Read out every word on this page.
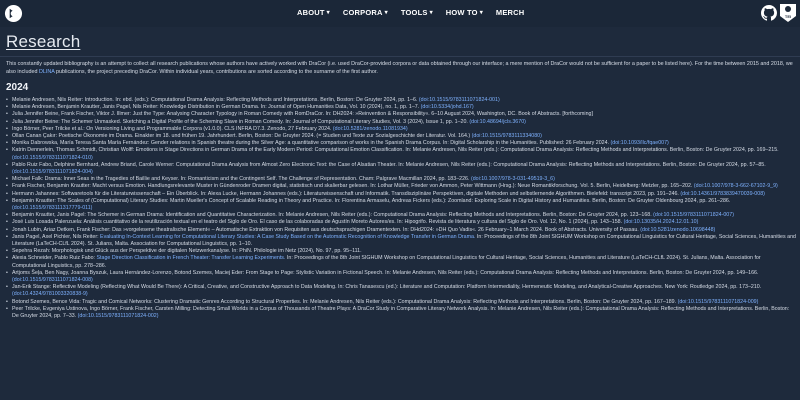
ABOUT ▾ CORPORA ▾ TOOLS ▾ HOW TO ▾ MERCH	TEI
Research

This constantly updated bibliography is an attempt to collect all research publications whose authors have actively worked with DraCor (i.e. used DraCor-provided corpora or data obtained through our interface; a mere mention of DraCor would not be sufficient for a paper to be listed here). For the time between 2015 and 2018, we also included DLINA publications, the project preceding DraCor. Within individual years, contributions are sorted according to the surname of the first author.

2024
• Melanie Andresen, Nils Reiter: Introduction. In: ebd. (eds.): Computational Drama Analysis: Reflecting Methods and Interpretations. Berlin, Boston: De Gruyter 2024, pp. 1–6. (doi:10.1515/9783111071824-001)
• Melanie Andresen, Benjamin Krautter, Janis Pagel, Nils Reiter: Knowledge Distribution in German Drama. In: Journal of Open Humanities Data, Vol. 10 (2024), no. 1, pp. 1–7. (doi:10.5334/johd.167)
• Julia Jennifer Beine, Frank Fischer, Viktor J. Illmer: Just the Type: Analysing Character Typology in Roman Comedy with RomDraCor. In: DH2024: »Reinvention & Responsibility«. 6–10 August 2024, Washington, DC. Book of Abstracts. [forthcoming]
• Julia Jennifer Beine: The Schemer Unmasked. Sketching a Digital Profile of the Scheming Slave in Roman Comedy. In: Journal of Computational Literary Studies, Vol. 3 (2024), Issue 1, pp. 1–20. (doi:10.48694/jcls.3670)
• Ingo Börner, Peer Trilcke et al.: On Versioning Living and Programmable Corpora (v1.0.0). CLS INFRA D7.3. Zenodo, 27 February 2024. (doi:10.5281/zenodo.11081934)
• Ollan Canan Çakır: Poetische Ökonomie im Drama. Einakter im 18. und frühen 19. Jahrhundert. Berlin, Boston: De Gruyter 2024. (= Studien und Texte zur Sozialgeschichte der Literatur. Vol. 164.) (doi:10.1515/9783111334080)
• Monika Dabrowska, María Teresa Santa María Fernández: Gender relations in Spanish theatre during the Silver Age: a quantitative comparison of works in the Spanish Drama Corpus. In: Digital Scholarship in the Humanities. Published: 26 February 2024. (doi:10.1093/llc/fqae007)
• Katrin Dennerlein, Thomas Schmidt, Christian Wolff: Emotions in Stage Directions in German Drama of the Early Modern Period: Computational Emotion Classification. In: Melanie Andresen, Nils Reiter (eds.): Computational Drama Analysis: Reflecting Methods and Interpretations. Berlin, Boston: De Gruyter 2024, pp. 169–215. (doi:10.1515/9783111071824-010)
• Pablo Ruiz Fabo, Delphine Bernhard, Andrew Briand, Carole Werner: Computational Drama Analysis from Almost Zero Electronic Text: the Case of Alsatian Theater. In: Melanie Andresen, Nils Reiter (eds.): Computational Drama Analysis: Reflecting Methods and Interpretations. Berlin, Boston: De Gruyter 2024, pp. 57–85. (doi:10.1515/9783111071824-004)
• Michael Falk: Drama: Inner Seas in the Tragedies of Baillie and Keyser. In: Romanticism and the Contingent Self. The Challenge of Representation. Cham: Palgrave Macmillan 2024, pp. 183–226. (doi:10.1007/978-3-031-49519-3_6)
• Frank Fischer, Benjamin Krautter: Macht versus Emotion. Handlungsrelevante Muster in Gündenroder Dramen digital, statistisch und skalierbar gelesen. In: Lothar Müller, Frieder von Ammon, Peter Wittmann (Hrsg.): Neue Romantikforschung. Vol. 5. Berlin, Heidelberg: Metzler, pp. 165–202. (doi:10.1007/978-3-662-67102-9_9)
• Hermann Jahannes: Softwaretools für die Literaturwissenschaft – Ein Überblick. In: Alexa Lucke, Hermann Johannes (eds.): Literaturwissenschaft und Informatik. Transdisziplinäre Perspektiven, digitale Methoden und selbstlernende Algorithmen. Bielefeld: transcript 2023, pp. 191–246. (doi:10.14361/9783839470039-008)
• Benjamin Krautter: The Scales of (Computational) Literary Studies: Martin Mueller's Concept of Scalable Reading in Theory and Practice. In: Florentina Armaselu, Andreas Fickers (eds.): Zoomland: Exploring Scale in Digital History and Humanities. Berlin, Boston: De Gruyter Oldenbourg 2024, pp. 261–286. (doi:10.1515/9783111317779-011)
• Benjamin Krautter, Janis Pagel: The Schemer in German Drama: Identification and Quantitative Characterization. In: Melanie Andresen, Nils Reiter (eds.): Computational Drama Analysis: Reflecting Methods and Interpretations. Berlin, Boston: De Gruyter 2024, pp. 123–168. (doi:10.1515/9783111071824-007)
• José Luis Losada Palenzuela: Análisis cuantitativo de la reutilización textual en el teatro del Siglo de Oro. El caso de las colaboradas de Agustín Moreto Autores/es. In: Hipogrifo. Revista de literatura y cultura del Siglo de Oro. Vol. 12, No. 1 (2024), pp. 143–158. (doi:10.13035/H.2024.12.01.10)
• Jonah Lubin, Ariaz Detken, Frank Fischer: Das »vorgelesene theatralische Element« – Automatische Extraktion von Requisiten aus deutschsprachigen Dramentexten. In: DHd2024: »DH Quo Vadis«. 26 February–1 March 2024. Book of Abstracts. University of Passau. (doi:10.5281/zenodo.10698448)
• Janis Pagel, Axel Pichler, Nils Reiter: Evaluating In-Context Learning for Computational Literary Studies: A Case Study Based on the Automatic Recognition of Knowledge Transfer in German Drama. In: Proceedings of the 8th Joint SIGHUM Workshop on Computational Linguistics for Cultural Heritage, Social Sciences, Humanities and Literature (LaTeCH-CLfL 2024). St. Julians, Malta. Association for Computational Linguistics, pp. 1–10.
• Sepehra Rezah: Morphologisk und Glück aus der Perspektive der digitalen Netzwerkanalyse. In: PhiN. Philologie im Netz (2024), No. 97, pp. 95–111.
• Alexia Schneider, Pablo Ruiz Fabo: Stage Direction Classification in French Theater: Transfer Learning Experiments. In: Proceedings of the 8th Joint SIGHUM Workshop on Computational Linguistics for Cultural Heritage, Social Sciences, Humanities and Literature (LaTeCH-CLfL 2024). St. Julians, Malta. Association for Computational Linguistics, pp. 278–286.
• Artjoms Šeļa, Ben Nagy, Joanna Byszuk, Laura Hernández-Lorenzo, Botond Szemes, Maciej Eder: From Stage to Page: Stylistic Variation in Fictional Speech. In: Melanie Andresen, Nils Reiter (eds.): Computational Drama Analysis: Reflecting Methods and Interpretations. Berlin, Boston: De Gruyter 2024, pp. 149–166. (doi:10.1515/9783111071824-008)
• Jan-Erik Stange: Reflective Modeling (Reflecting What Would Be There): A Critical, Creative, and Constructive Approach to Data Modeling. In: Chris Tanasescu (ed.): Literature and Computation: Platform Intermediality, Hermeneutic Modeling, and Analytical-Creative Approaches. New York: Routledge 2024, pp. 173–210. (doi:10.4324/9781003320838-9)
• Botond Szemes, Bence Vida: Tragic and Comical Networks: Clustering Dramatic Genres According to Structural Properties. In: Melanie Andresen, Nils Reiter (eds.): Computational Drama Analysis: Reflecting Methods and Interpretations. Berlin, Boston: De Gruyter 2024, pp. 167–189. (doi:10.1515/9783111071824-009)
• Peer Trilcke, Evgeniya Ustinova, Ingo Börner, Frank Fischer, Carsten Milling: Detecting Small Worlds in a Corpus of Thousands of Theatre Plays: A DraCor Study in Comparative Literary Network Analysis. In: Melanie Andresen, Nils Reiter (eds.): Computational Drama Analysis: Reflecting Methods and Interpretations. Berlin, Boston: De Gruyter 2024, pp. 7–33. (doi:10.1515/9783111071824-002)
